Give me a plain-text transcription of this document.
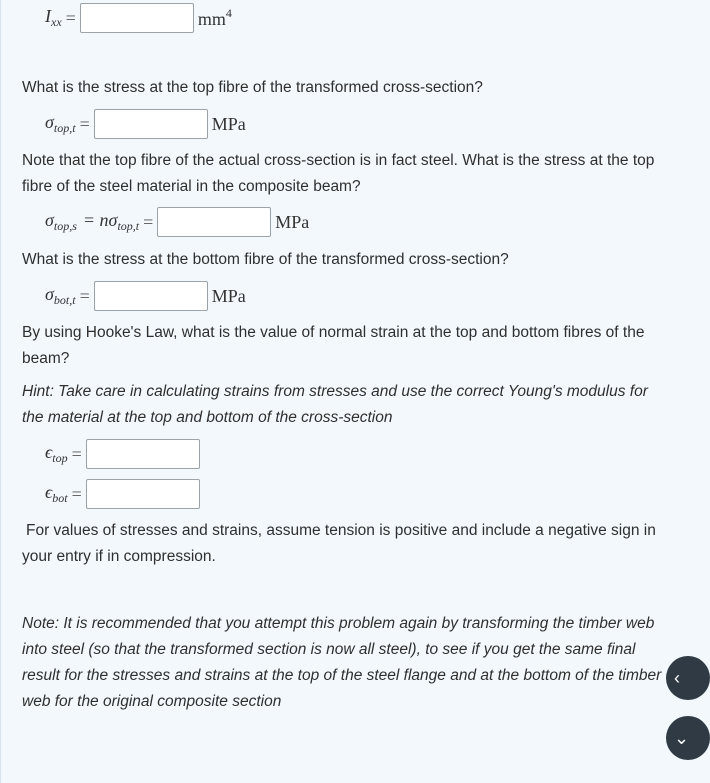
$I_{xx}$ =	$mm^4$
What is the stress at the top fibre of the transformed cross-section?
$\sigma_{top,t}$ =	MPa
Note that the top fibre of the actual cross-section is in fact steel. What is the stress at the top fibre of the steel material in the composite beam?
$\sigma_{top,s} = n\sigma_{top,t}$ =	MPa
What is the stress at the bottom fibre of the transformed cross-section?
$\sigma_{bot,t}$ =	MPa
By using Hooke's Law, what is the value of normal strain at the top and bottom fibres of the beam?
Hint: Take care in calculating strains from stresses and use the correct Young's modulus for the material at the top and bottom of the cross-section
$\epsilon_{top}$ =
$\epsilon_{bot}$ =
For values of stresses and strains, assume tension is positive and include a negative sign in your entry if in compression.
Note: It is recommended that you attempt this problem again by transforming the timber web into steel (so that the transformed section is now all steel), to see if you get the same final result for the stresses and strains at the top of the steel flange and at the bottom of the timber web for the original composite section
‹
⌄
